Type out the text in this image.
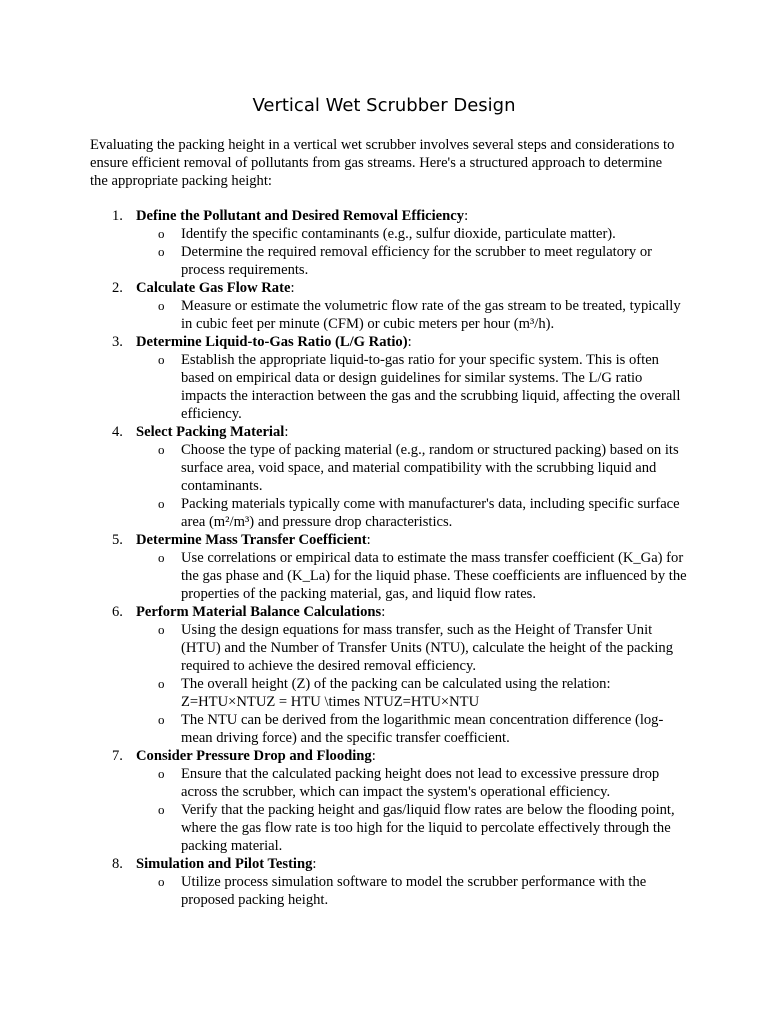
Vertical Wet Scrubber Design

Evaluating the packing height in a vertical wet scrubber involves several steps and considerations to ensure efficient removal of pollutants from gas streams. Here's a structured approach to determine the appropriate packing height:

1. Define the Pollutant and Desired Removal Efficiency:
o Identify the specific contaminants (e.g., sulfur dioxide, particulate matter).
o Determine the required removal efficiency for the scrubber to meet regulatory or process requirements.
2. Calculate Gas Flow Rate:
o Measure or estimate the volumetric flow rate of the gas stream to be treated, typically in cubic feet per minute (CFM) or cubic meters per hour (m³/h).
3. Determine Liquid-to-Gas Ratio (L/G Ratio):
o Establish the appropriate liquid-to-gas ratio for your specific system. This is often based on empirical data or design guidelines for similar systems. The L/G ratio impacts the interaction between the gas and the scrubbing liquid, affecting the overall efficiency.
4. Select Packing Material:
o Choose the type of packing material (e.g., random or structured packing) based on its surface area, void space, and material compatibility with the scrubbing liquid and contaminants.
o Packing materials typically come with manufacturer's data, including specific surface area (m²/m³) and pressure drop characteristics.
5. Determine Mass Transfer Coefficient:
o Use correlations or empirical data to estimate the mass transfer coefficient (K_Ga) for the gas phase and (K_La) for the liquid phase. These coefficients are influenced by the properties of the packing material, gas, and liquid flow rates.
6. Perform Material Balance Calculations:
o Using the design equations for mass transfer, such as the Height of Transfer Unit (HTU) and the Number of Transfer Units (NTU), calculate the height of the packing required to achieve the desired removal efficiency.
o The overall height (Z) of the packing can be calculated using the relation: Z=HTU×NTUZ = HTU \times NTUZ=HTU×NTU
o The NTU can be derived from the logarithmic mean concentration difference (log-mean driving force) and the specific transfer coefficient.
7. Consider Pressure Drop and Flooding:
o Ensure that the calculated packing height does not lead to excessive pressure drop across the scrubber, which can impact the system's operational efficiency.
o Verify that the packing height and gas/liquid flow rates are below the flooding point, where the gas flow rate is too high for the liquid to percolate effectively through the packing material.
8. Simulation and Pilot Testing:
o Utilize process simulation software to model the scrubber performance with the proposed packing height.
